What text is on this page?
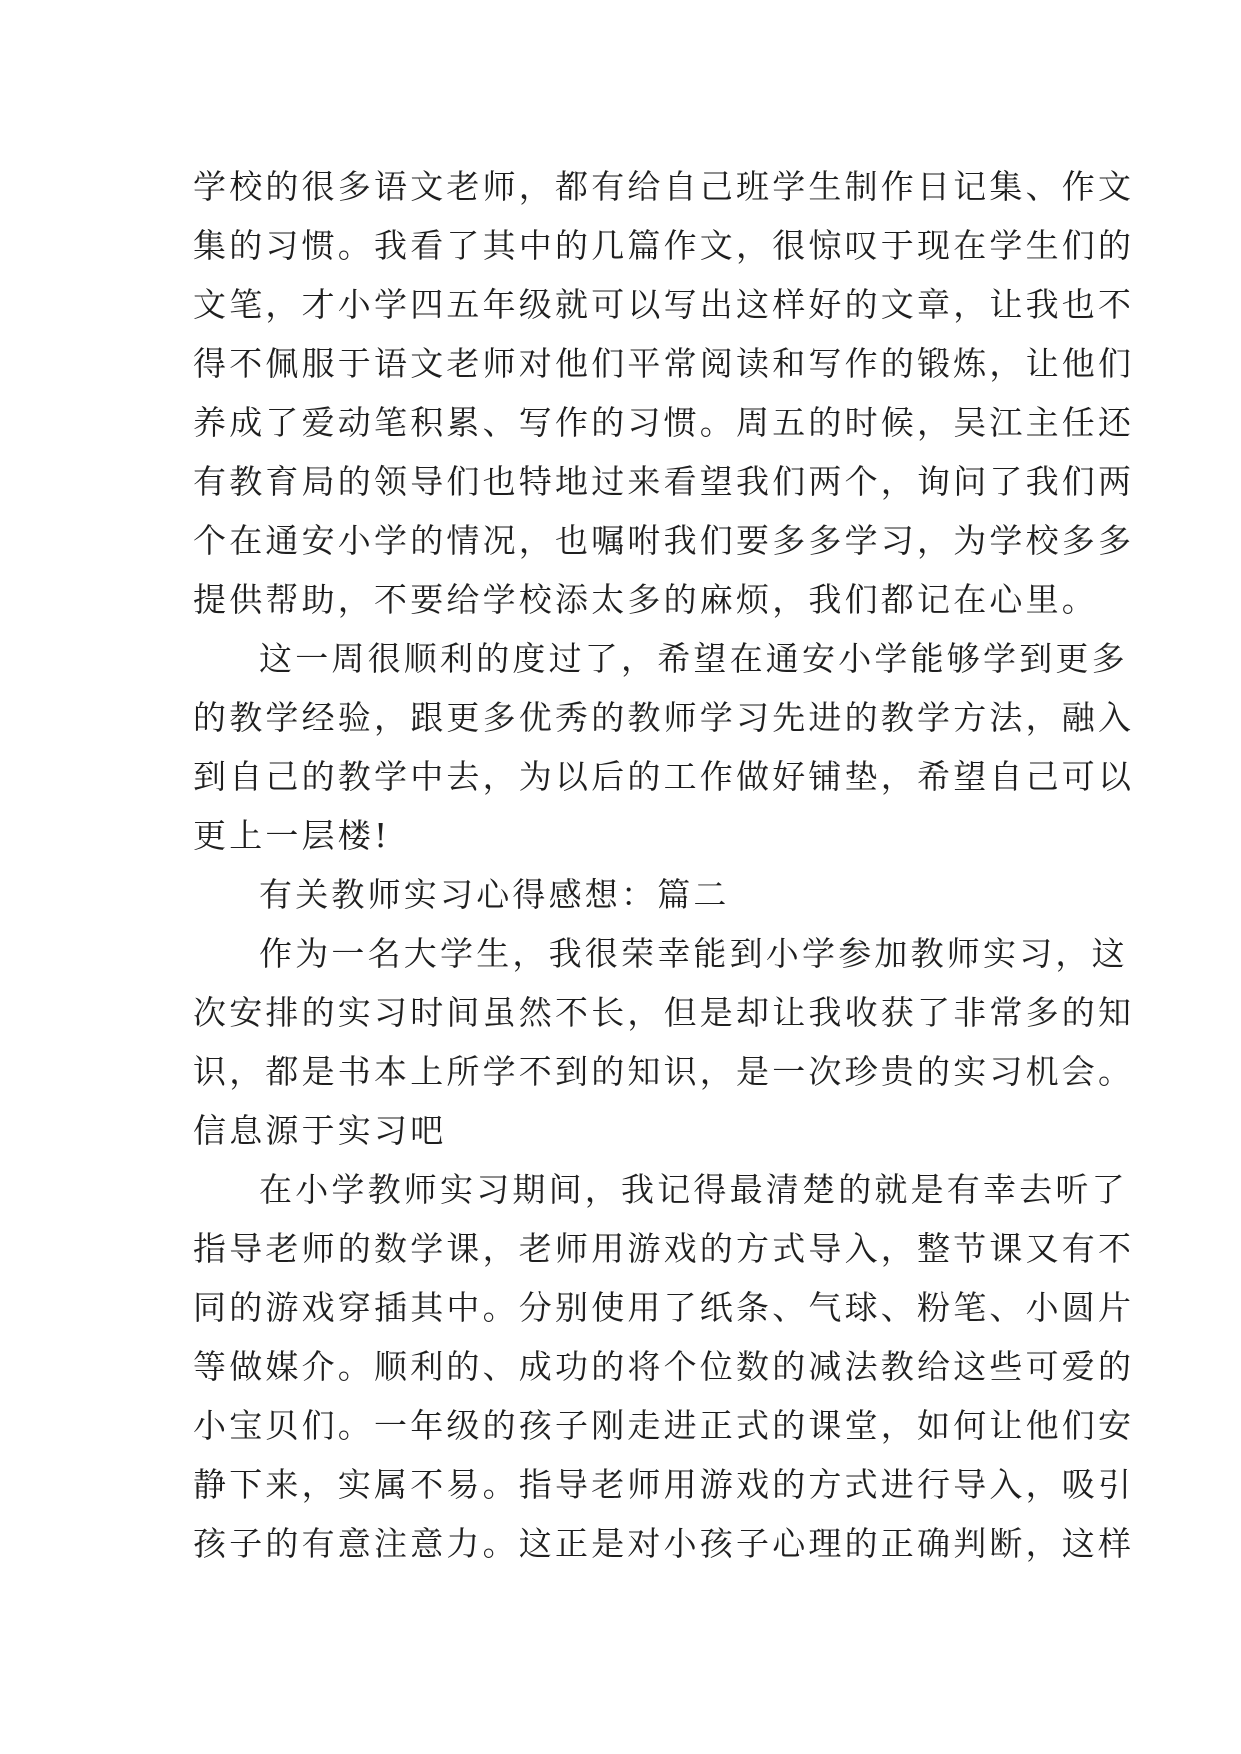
学校的很多语文老师，都有给自己班学生制作日记集、作文
集的习惯。我看了其中的几篇作文，很惊叹于现在学生们的
文笔，才小学四五年级就可以写出这样好的文章，让我也不
得不佩服于语文老师对他们平常阅读和写作的锻炼，让他们
养成了爱动笔积累、写作的习惯。周五的时候，吴江主任还
有教育局的领导们也特地过来看望我们两个，询问了我们两
个在通安小学的情况，也嘱咐我们要多多学习，为学校多多
提供帮助，不要给学校添太多的麻烦，我们都记在心里。
这一周很顺利的度过了，希望在通安小学能够学到更多
的教学经验，跟更多优秀的教师学习先进的教学方法，融入
到自己的教学中去，为以后的工作做好铺垫，希望自己可以
更上一层楼!
有关教师实习心得感想：篇二
作为一名大学生，我很荣幸能到小学参加教师实习，这
次安排的实习时间虽然不长，但是却让我收获了非常多的知
识，都是书本上所学不到的知识，是一次珍贵的实习机会。
信息源于实习吧
在小学教师实习期间，我记得最清楚的就是有幸去听了
指导老师的数学课，老师用游戏的方式导入，整节课又有不
同的游戏穿插其中。分别使用了纸条、气球、粉笔、小圆片
等做媒介。顺利的、成功的将个位数的减法教给这些可爱的
小宝贝们。一年级的孩子刚走进正式的课堂，如何让他们安
静下来，实属不易。指导老师用游戏的方式进行导入，吸引
孩子的有意注意力。这正是对小孩子心理的正确判断，这样
